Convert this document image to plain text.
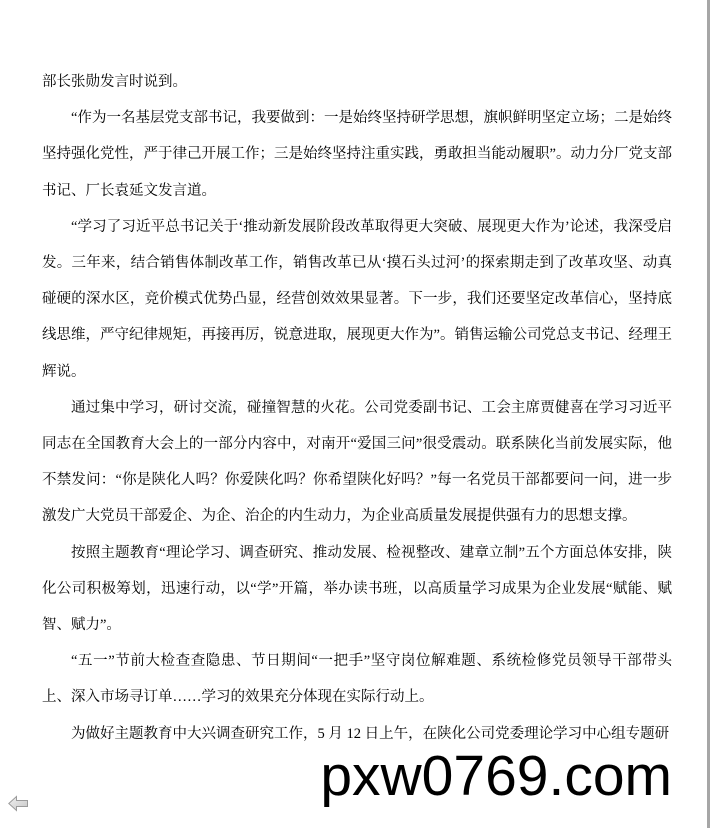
部长张勋发言时说到。

“作为一名基层党支部书记，我要做到：一是始终坚持研学思想，旗帜鲜明坚定立场；二是始终坚持强化党性，严于律己开展工作；三是始终坚持注重实践，勇敢担当能动履职”。动力分厂党支部书记、厂长袁延文发言道。

“学习了习近平总书记关于‘推动新发展阶段改革取得更大突破、展现更大作为’论述，我深受启发。三年来，结合销售体制改革工作，销售改革已从‘摸石头过河’的探索期走到了改革攻坚、动真碰硬的深水区，竞价模式优势凸显，经营创效效果显著。下一步，我们还要坚定改革信心，坚持底线思维，严守纪律规矩，再接再厉，锐意进取，展现更大作为”。销售运输公司党总支书记、经理王辉说。

通过集中学习，研讨交流，碰撞智慧的火花。公司党委副书记、工会主席贾健喜在学习习近平同志在全国教育大会上的一部分内容中，对南开“爱国三问”很受震动。联系陕化当前发展实际，他不禁发问：“你是陕化人吗？你爱陕化吗？你希望陕化好吗？”每一名党员干部都要问一问，进一步激发广大党员干部爱企、为企、治企的内生动力，为企业高质量发展提供强有力的思想支撑。

按照主题教育“理论学习、调查研究、推动发展、检视整改、建章立制”五个方面总体安排，陕化公司积极筹划，迅速行动，以“学”开篇，举办读书班，以高质量学习成果为企业发展“赋能、赋智、赋力”。

“五一”节前大检查查隐患、节日期间“一把手”坚守岗位解难题、系统检修党员领导干部带头上、深入市场寻订单……学习的效果充分体现在实际行动上。

为做好主题教育中大兴调查研究工作，5 月 12 日上午，在陕化公司党委理论学习中心组专题研

pxw0769.com
